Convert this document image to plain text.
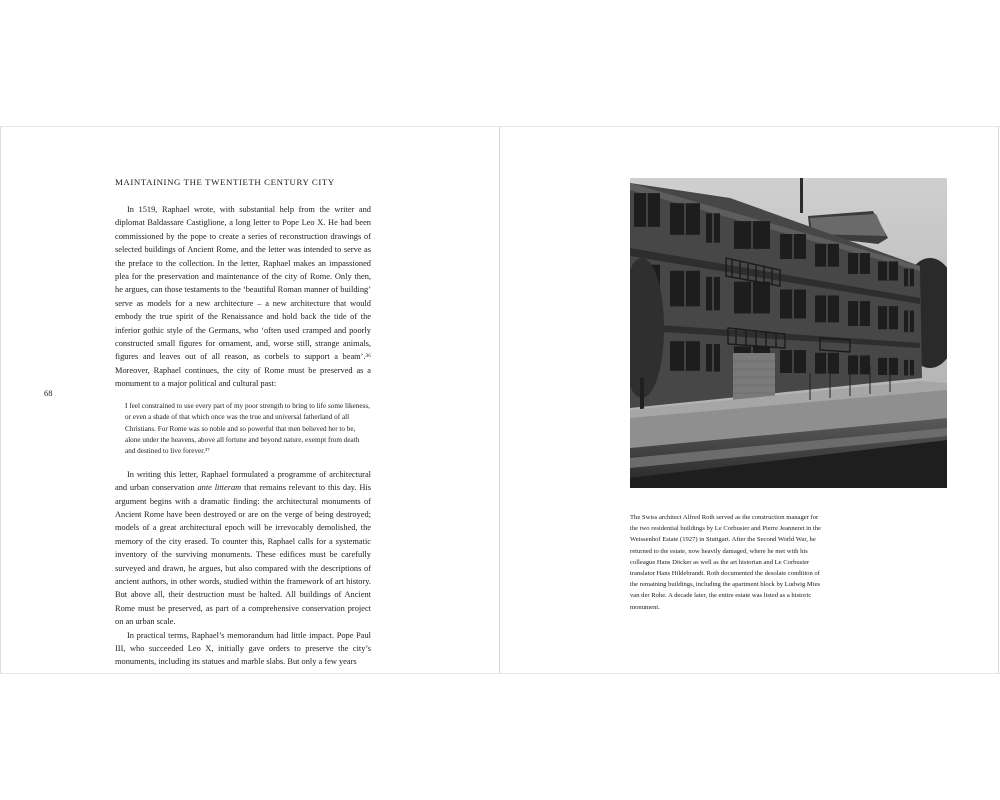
MAINTAINING THE TWENTIETH CENTURY CITY
68

In 1519, Raphael wrote, with substantial help from the writer and diplomat Baldassare Castiglione, a long letter to Pope Leo X. He had been commissioned by the pope to create a series of reconstruction drawings of selected buildings of Ancient Rome, and the letter was intended to serve as the preface to the collection. In the letter, Raphael makes an impassioned plea for the preservation and maintenance of the city of Rome. Only then, he argues, can those testaments to the ‘beautiful Roman manner of building’ serve as models for a new architecture – a new architecture that would embody the true spirit of the Renaissance and hold back the tide of the inferior gothic style of the Germans, who ‘often used cramped and poorly constructed small figures for ornament, and, worse still, strange animals, figures and leaves out of all reason, as corbels to support a beam’.³⁶ Moreover, Raphael continues, the city of Rome must be preserved as a monument to a major political and cultural past:

I feel constrained to use every part of my poor strength to bring to life some likeness, or even a shade of that which once was the true and universal fatherland of all Christians. For Rome was so noble and so powerful that men believed her to be, alone under the heavens, above all fortune and beyond nature, exempt from death and destined to live forever.³⁷

In writing this letter, Raphael formulated a programme of architectural and urban conservation ante litteram that remains relevant to this day. His argument begins with a dramatic finding: the architectural monuments of Ancient Rome have been destroyed or are on the verge of being destroyed; models of a great architectural epoch will be irrevocably demolished, the memory of the city erased. To counter this, Raphael calls for a systematic inventory of the surviving monuments. These edifices must be carefully surveyed and drawn, he argues, but also compared with the descriptions of ancient authors, in other words, studied within the framework of art history. But above all, their destruction must be halted. All buildings of Ancient Rome must be preserved, as part of a comprehensive conservation project on an urban scale.

In practical terms, Raphael’s memorandum had little impact. Pope Paul III, who succeeded Leo X, initially gave orders to preserve the city’s monuments, including its statues and marble slabs. But only a few years

The Swiss architect Alfred Roth served as the construction manager for the two residential buildings by Le Corbusier and Pierre Jeanneret in the Weissenhof Estate (1927) in Stuttgart. After the Second World War, he returned to the estate, now heavily damaged, where he met with his colleague Hans Döcker as well as the art historian and Le Corbusier translator Hans Hildebrandt. Roth documented the desolate condition of the remaining buildings, including the apartment block by Ludwig Mies van der Rohe. A decade later, the entire estate was listed as a historic monument.
